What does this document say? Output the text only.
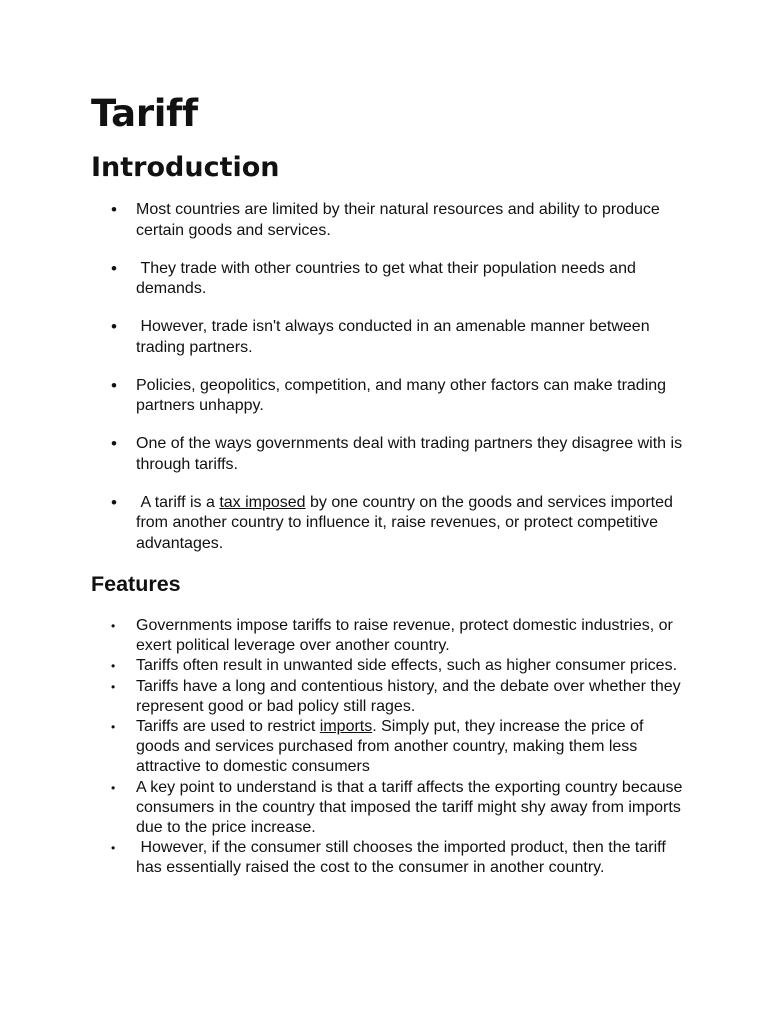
Tariff
Introduction
• Most countries are limited by their natural resources and ability to produce certain goods and services.
• They trade with other countries to get what their population needs and demands.
• However, trade isn't always conducted in an amenable manner between trading partners.
• Policies, geopolitics, competition, and many other factors can make trading partners unhappy.
• One of the ways governments deal with trading partners they disagree with is through tariffs.
• A tariff is a tax imposed by one country on the goods and services imported from another country to influence it, raise revenues, or protect competitive advantages.
Features
• Governments impose tariffs to raise revenue, protect domestic industries, or exert political leverage over another country.
• Tariffs often result in unwanted side effects, such as higher consumer prices.
• Tariffs have a long and contentious history, and the debate over whether they represent good or bad policy still rages.
• Tariffs are used to restrict imports. Simply put, they increase the price of goods and services purchased from another country, making them less attractive to domestic consumers
• A key point to understand is that a tariff affects the exporting country because consumers in the country that imposed the tariff might shy away from imports due to the price increase.
• However, if the consumer still chooses the imported product, then the tariff has essentially raised the cost to the consumer in another country.
